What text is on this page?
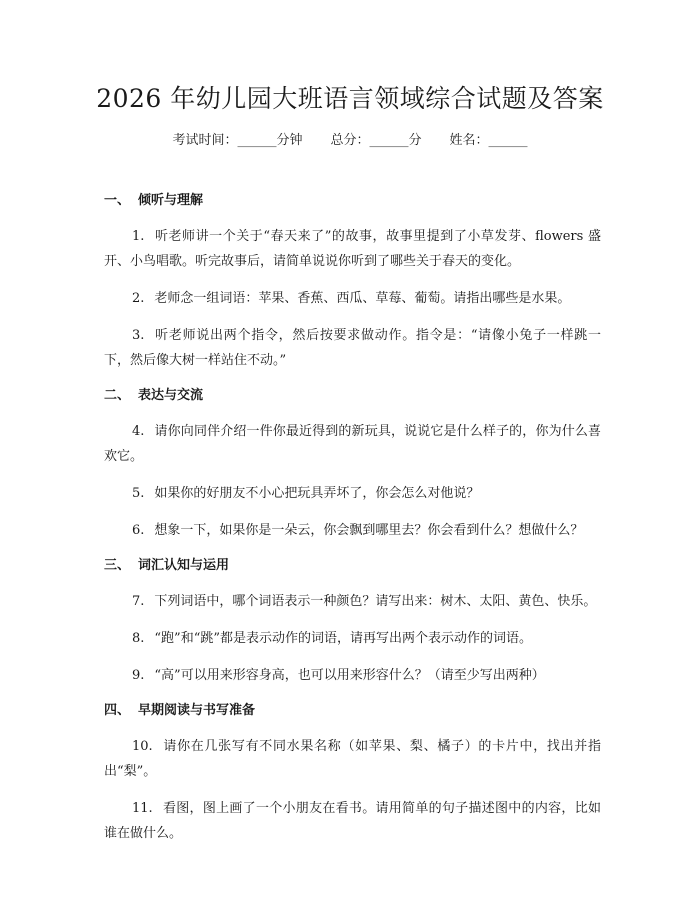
2026 年幼儿园大班语言领域综合试题及答案
考试时间：______分钟 总分：______分 姓名：______
一、 倾听与理解

1. 听老师讲一个关于“春天来了”的故事，故事里提到了小草发芽、flowers 盛开、小鸟唱歌。听完故事后，请简单说说你听到了哪些关于春天的变化。

2. 老师念一组词语：苹果、香蕉、西瓜、草莓、葡萄。请指出哪些是水果。

3. 听老师说出两个指令，然后按要求做动作。指令是：“请像小兔子一样跳一下，然后像大树一样站住不动。”

二、 表达与交流

4. 请你向同伴介绍一件你最近得到的新玩具，说说它是什么样子的，你为什么喜欢它。

5. 如果你的好朋友不小心把玩具弄坏了，你会怎么对他说？

6. 想象一下，如果你是一朵云，你会飘到哪里去？你会看到什么？想做什么？

三、 词汇认知与运用

7. 下列词语中，哪个词语表示一种颜色？请写出来：树木、太阳、黄色、快乐。

8. “跑”和“跳”都是表示动作的词语，请再写出两个表示动作的词语。

9. “高”可以用来形容身高，也可以用来形容什么？（请至少写出两种）

四、 早期阅读与书写准备

10. 请你在几张写有不同水果名称（如苹果、梨、橘子）的卡片中，找出并指出“梨”。

11. 看图，图上画了一个小朋友在看书。请用简单的句子描述图中的内容，比如谁在做什么。
